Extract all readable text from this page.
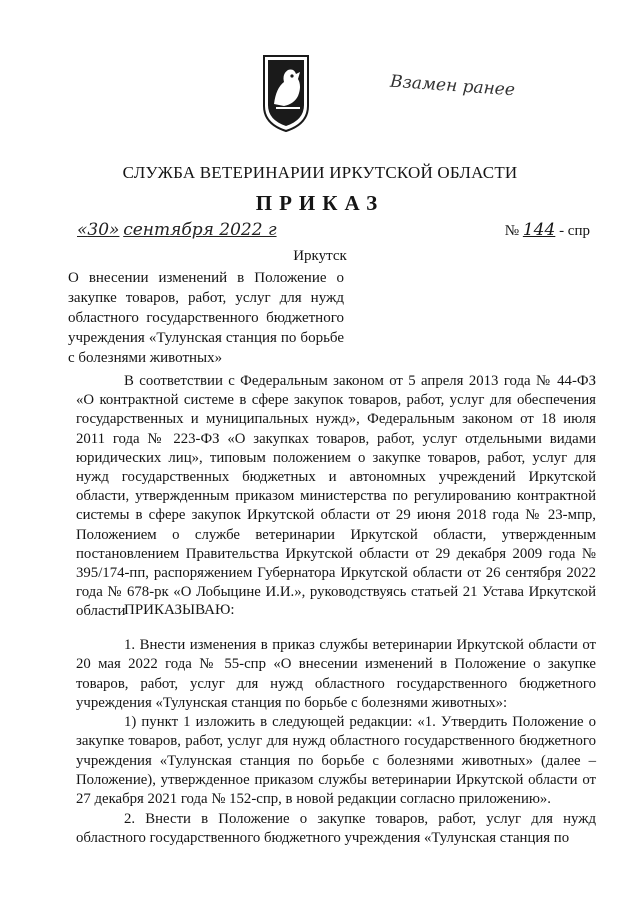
Взамен ранее
СЛУЖБА ВЕТЕРИНАРИИ ИРКУТСКОЙ ОБЛАСТИ
ПРИКАЗ
«30» сентября 2022 г	№ 144 - спр
Иркутск
О внесении изменений в Положение о закупке товаров, работ, услуг для нужд областного государственного бюджетного учреждения «Тулунская станция по борьбе с болезнями животных»

В соответствии с Федеральным законом от 5 апреля 2013 года № 44-ФЗ «О контрактной системе в сфере закупок товаров, работ, услуг для обеспечения государственных и муниципальных нужд», Федеральным законом от 18 июля 2011 года № 223-ФЗ «О закупках товаров, работ, услуг отдельными видами юридических лиц», типовым положением о закупке товаров, работ, услуг для нужд государственных бюджетных и автономных учреждений Иркутской области, утвержденным приказом министерства по регулированию контрактной системы в сфере закупок Иркутской области от 29 июня 2018 года № 23-мпр, Положением о службе ветеринарии Иркутской области, утвержденным постановлением Правительства Иркутской области от 29 декабря 2009 года № 395/174-пп, распоряжением Губернатора Иркутской области от 26 сентября 2022 года № 678-рк «О Лобыцине И.И.», руководствуясь статьей 21 Устава Иркутской области

ПРИКАЗЫВАЮ:

1. Внести изменения в приказ службы ветеринарии Иркутской области от 20 мая 2022 года № 55-спр «О внесении изменений в Положение о закупке товаров, работ, услуг для нужд областного государственного бюджетного учреждения «Тулунская станция по борьбе с болезнями животных»:

1) пункт 1 изложить в следующей редакции: «1. Утвердить Положение о закупке товаров, работ, услуг для нужд областного государственного бюджетного учреждения «Тулунская станция по борьбе с болезнями животных» (далее – Положение), утвержденное приказом службы ветеринарии Иркутской области от 27 декабря 2021 года № 152-спр, в новой редакции согласно приложению».

2. Внести в Положение о закупке товаров, работ, услуг для нужд областного государственного бюджетного учреждения «Тулунская станция по
